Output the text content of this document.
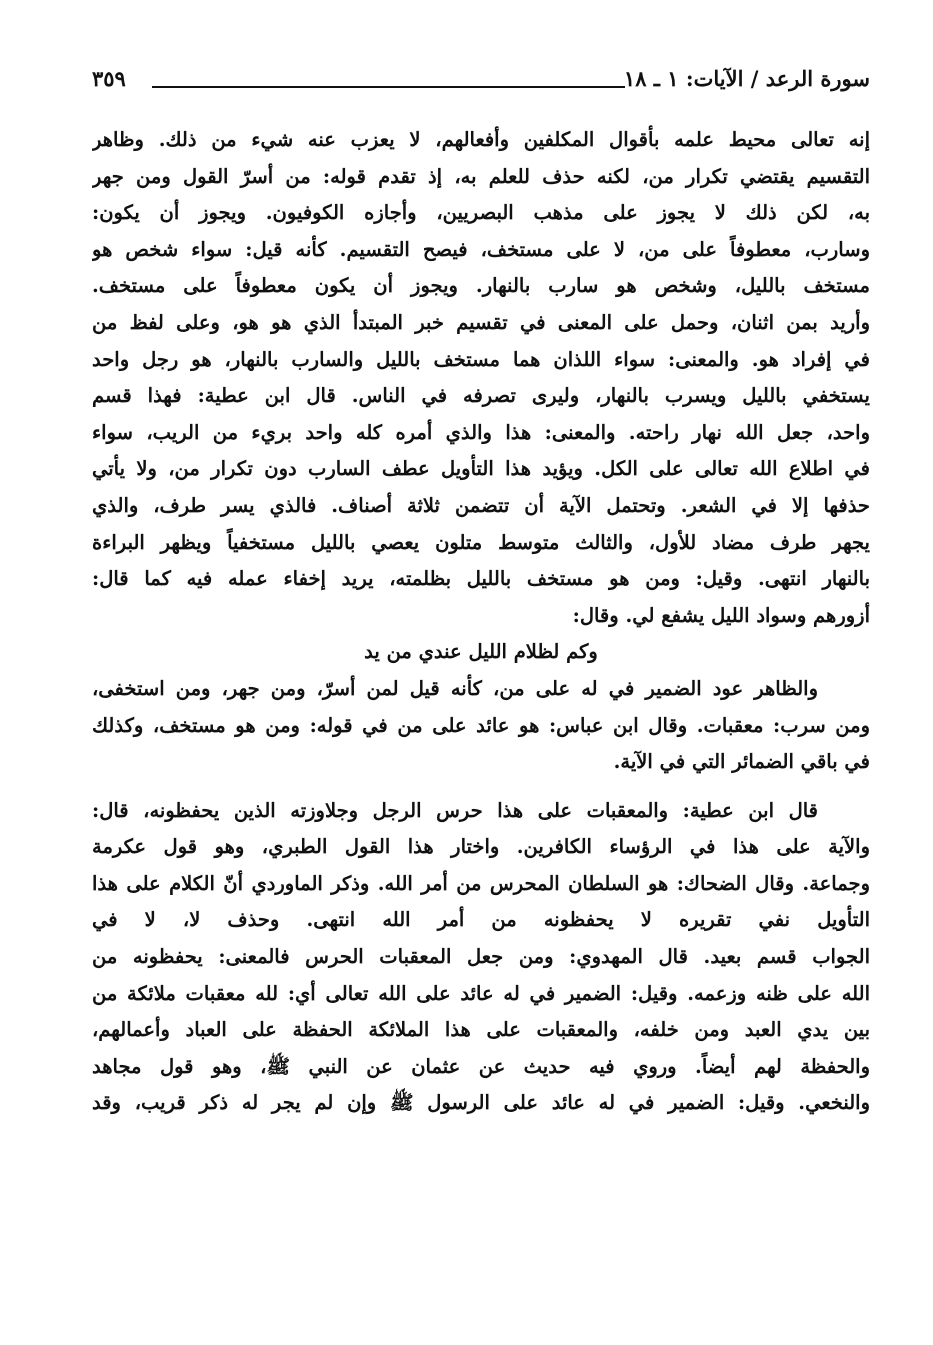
سورة الرعد / الآيات: ١ ـ ١٨
٣٥٩
إنه تعالى محيط علمه بأقوال المكلفين وأفعالهم، لا يعزب عنه شيء من ذلك. وظاهر
التقسيم يقتضي تكرار من، لكنه حذف للعلم به، إذ تقدم قوله: من أسرّ القول ومن جهر
به، لكن ذلك لا يجوز على مذهب البصريين، وأجازه الكوفيون. ويجوز أن يكون:
وسارب، معطوفاً على من، لا على مستخف، فيصح التقسيم. كأنه قيل: سواء شخص هو
مستخف بالليل، وشخص هو سارب بالنهار. ويجوز أن يكون معطوفاً على مستخف.
وأريد بمن اثنان، وحمل على المعنى في تقسيم خبر المبتدأ الذي هو هو، وعلى لفظ من
في إفراد هو. والمعنى: سواء اللذان هما مستخف بالليل والسارب بالنهار، هو رجل واحد
يستخفي بالليل ويسرب بالنهار، وليرى تصرفه في الناس. قال ابن عطية: فهذا قسم
واحد، جعل الله نهار راحته. والمعنى: هذا والذي أمره كله واحد بريء من الريب، سواء
في اطلاع الله تعالى على الكل. ويؤيد هذا التأويل عطف السارب دون تكرار من، ولا يأتي
حذفها إلا في الشعر. وتحتمل الآية أن تتضمن ثلاثة أصناف. فالذي يسر طرف، والذي
يجهر طرف مضاد للأول، والثالث متوسط متلون يعصي بالليل مستخفياً ويظهر البراءة
بالنهار انتهى. وقيل: ومن هو مستخف بالليل بظلمته، يريد إخفاء عمله فيه كما قال:
أزورهم وسواد الليل يشفع لي. وقال:
وكم لظلام الليل عندي من يد
والظاهر عود الضمير في له على من، كأنه قيل لمن أسرّ، ومن جهر، ومن استخفى،
ومن سرب: معقبات. وقال ابن عباس: هو عائد على من في قوله: ومن هو مستخف، وكذلك
في باقي الضمائر التي في الآية.
قال ابن عطية: والمعقبات على هذا حرس الرجل وجلاوزته الذين يحفظونه، قال:
والآية على هذا في الرؤساء الكافرين. واختار هذا القول الطبري، وهو قول عكرمة
وجماعة. وقال الضحاك: هو السلطان المحرس من أمر الله. وذكر الماوردي أنّ الكلام على هذا
التأويل نفي تقريره لا يحفظونه من أمر الله انتهى. وحذف لا، لا في
الجواب قسم بعيد. قال المهدوي: ومن جعل المعقبات الحرس فالمعنى: يحفظونه من
الله على ظنه وزعمه. وقيل: الضمير في له عائد على الله تعالى أي: لله معقبات ملائكة من
بين يدي العبد ومن خلفه، والمعقبات على هذا الملائكة الحفظة على العباد وأعمالهم،
والحفظة لهم أيضاً. وروي فيه حديث عن عثمان عن النبي ﷺ، وهو قول مجاهد
والنخعي. وقيل: الضمير في له عائد على الرسول ﷺ وإن لم يجر له ذكر قريب، وقد
